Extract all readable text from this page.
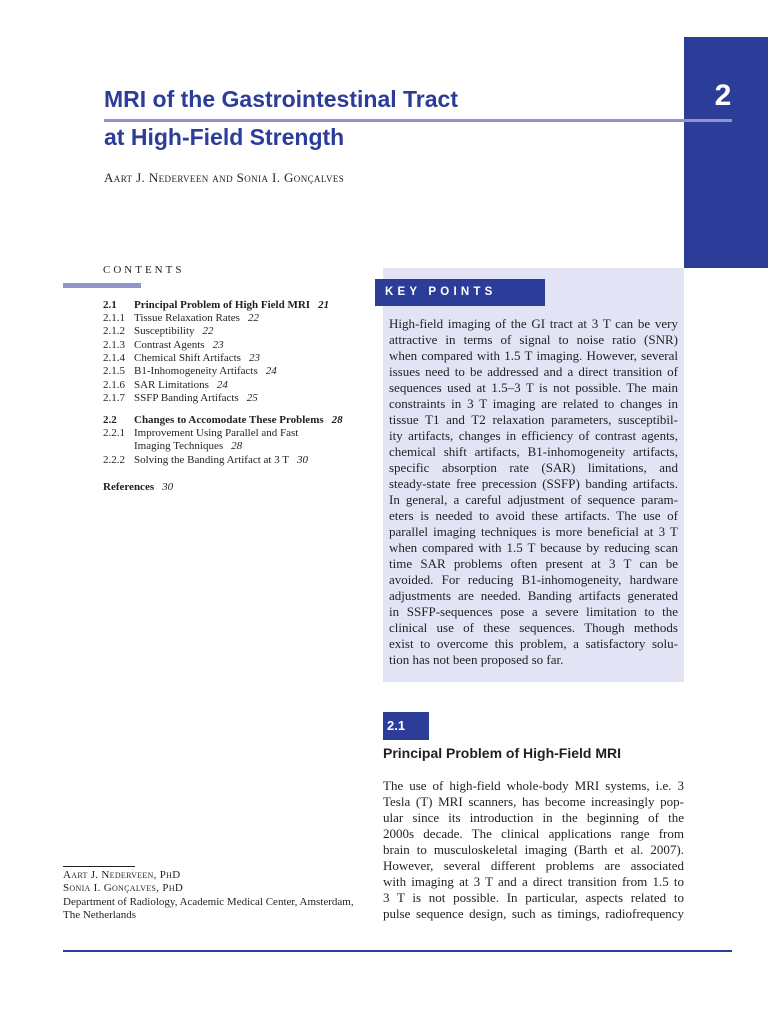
2
MRI of the Gastrointestinal Tract
at High-Field Strength
Aart J. Nederveen and Sonia I. Gonçalves
CONTENTS
2.1 Principal Problem of High Field MRI 21
2.1.1 Tissue Relaxation Rates 22
2.1.2 Susceptibility 22
2.1.3 Contrast Agents 23
2.1.4 Chemical Shift Artifacts 23
2.1.5 B1-Inhomogeneity Artifacts 24
2.1.6 SAR Limitations 24
2.1.7 SSFP Banding Artifacts 25
2.2 Changes to Accomodate These Problems 28
2.2.1 Improvement Using Parallel and Fast
Imaging Techniques 28
2.2.2 Solving the Banding Artifact at 3 T 30
References 30
KEY POINTS
High-field imaging of the GI tract at 3 T can be very
attractive in terms of signal to noise ratio (SNR)
when compared with 1.5 T imaging. However, several
issues need to be addressed and a direct transition of
sequences used at 1.5–3 T is not possible. The main
constraints in 3 T imaging are related to changes in
tissue T1 and T2 relaxation parameters, susceptibil-
ity artifacts, changes in efficiency of contrast agents,
chemical shift artifacts, B1-inhomogeneity artifacts,
specific absorption rate (SAR) limitations, and
steady-state free precession (SSFP) banding artifacts.
In general, a careful adjustment of sequence param-
eters is needed to avoid these artifacts. The use of
parallel imaging techniques is more beneficial at 3 T
when compared with 1.5 T because by reducing scan
time SAR problems often present at 3 T can be
avoided. For reducing B1-inhomogeneity, hardware
adjustments are needed. Banding artifacts generated
in SSFP-sequences pose a severe limitation to the
clinical use of these sequences. Though methods
exist to overcome this problem, a satisfactory solu-
tion has not been proposed so far.
2.1
Principal Problem of High-Field MRI
The use of high-field whole-body MRI systems, i.e. 3
Tesla (T) MRI scanners, has become increasingly pop-
ular since its introduction in the beginning of the
2000s decade. The clinical applications range from
brain to musculoskeletal imaging (Barth et al. 2007).
However, several different problems are associated
with imaging at 3 T and a direct transition from 1.5 to
3 T is not possible. In particular, aspects related to
pulse sequence design, such as timings, radiofrequency
Aart J. Nederveen, PhD
Sonia I. Gonçalves, PhD
Department of Radiology, Academic Medical Center, Amsterdam,
The Netherlands
